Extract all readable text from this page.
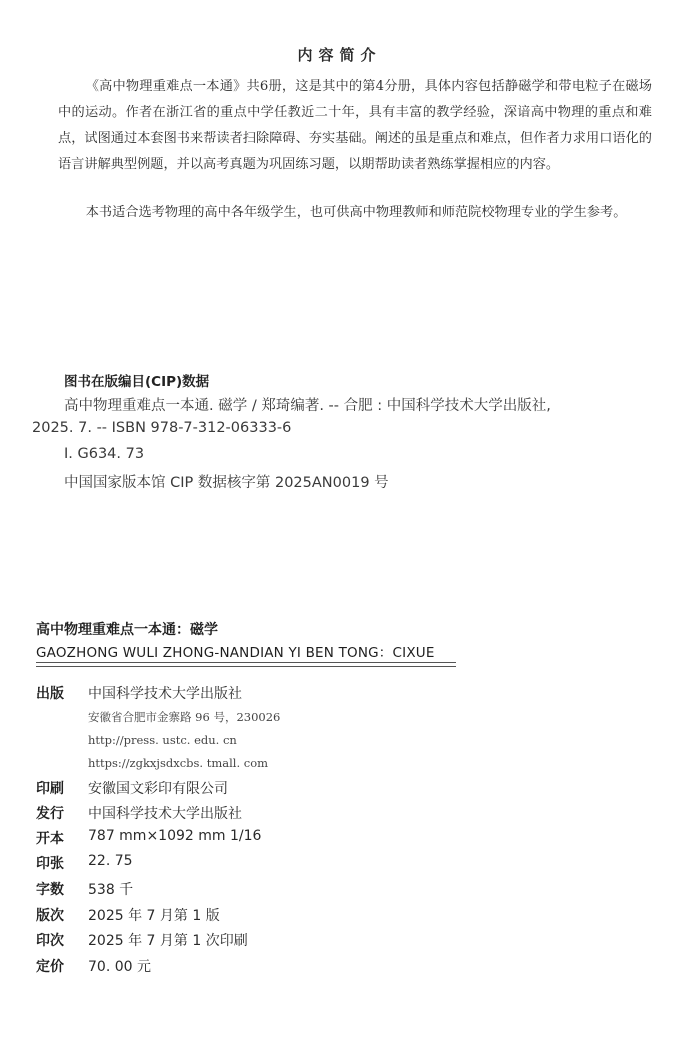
内容简介
《高中物理重难点一本通》共6册，这是其中的第4分册，具体内容包括静磁学和带电粒子在磁场中的运动。作者在浙江省的重点中学任教近二十年，具有丰富的教学经验，深谙高中物理的重点和难点，试图通过本套图书来帮读者扫除障碍、夯实基础。阐述的虽是重点和难点，但作者力求用口语化的语言讲解典型例题，并以高考真题为巩固练习题，以期帮助读者熟练掌握相应的内容。
本书适合选考物理的高中各年级学生，也可供高中物理教师和师范院校物理专业的学生参考。
图书在版编目(CIP)数据
高中物理重难点一本通. 磁学 / 郑琦编著. -- 合肥 : 中国科学技术大学出版社,
2025. 7. -- ISBN 978-7-312-06333-6
Ⅰ. G634. 73
中国国家版本馆 CIP 数据核字第 2025AN0019 号
高中物理重难点一本通：磁学
GAOZHONG WULI ZHONG-NANDIAN YI BEN TONG：CIXUE
出版 中国科学技术大学出版社
安徽省合肥市金寨路 96 号，230026
http://press. ustc. edu. cn
https://zgkxjsdxcbs. tmall. com
印刷 安徽国文彩印有限公司
发行 中国科学技术大学出版社
开本 787 mm×1092 mm 1/16
印张 22. 75
字数 538 千
版次 2025 年 7 月第 1 版
印次 2025 年 7 月第 1 次印刷
定价 70. 00 元
